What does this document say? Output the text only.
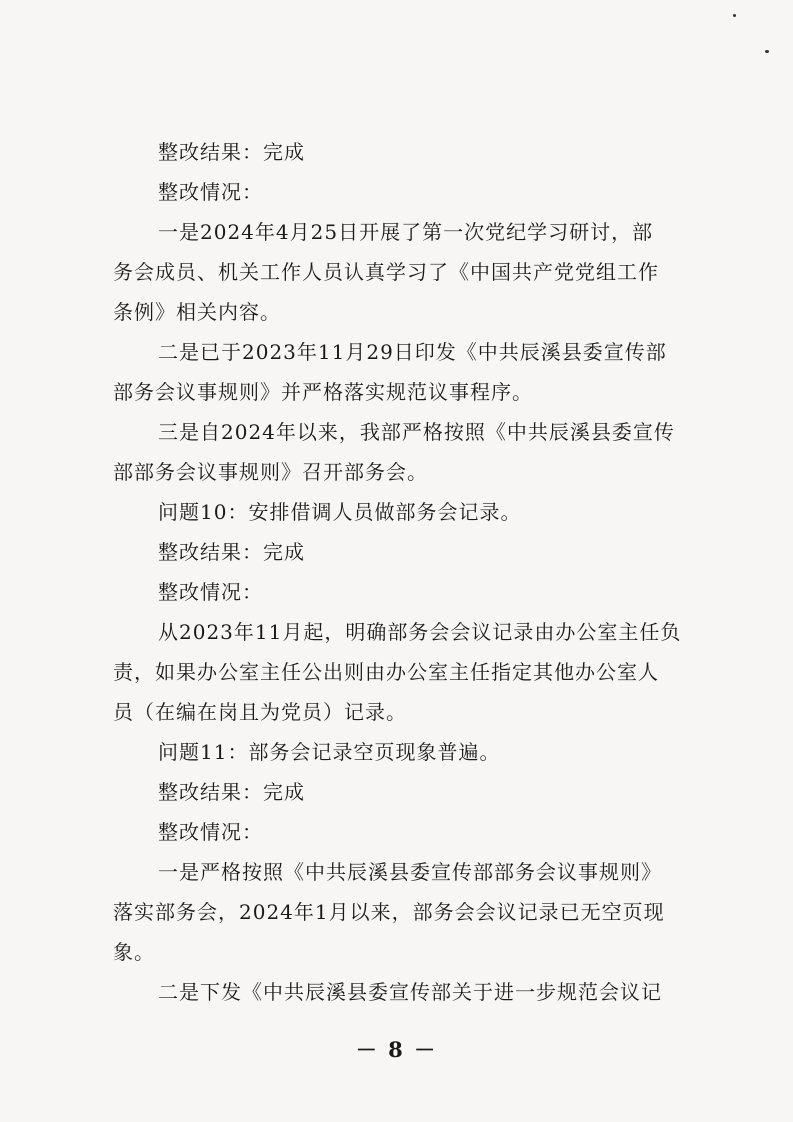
整改结果：完成
整改情况：
一是2024年4月25日开展了第一次党纪学习研讨，部
务会成员、机关工作人员认真学习了《中国共产党党组工作
条例》相关内容。
二是已于2023年11月29日印发《中共辰溪县委宣传部
部务会议事规则》并严格落实规范议事程序。
三是自2024年以来，我部严格按照《中共辰溪县委宣传
部部务会议事规则》召开部务会。
问题10：安排借调人员做部务会记录。
整改结果：完成
整改情况：
从2023年11月起，明确部务会会议记录由办公室主任负
责，如果办公室主任公出则由办公室主任指定其他办公室人
员（在编在岗且为党员）记录。
问题11：部务会记录空页现象普遍。
整改结果：完成
整改情况：
一是严格按照《中共辰溪县委宣传部部务会议事规则》
落实部务会，2024年1月以来，部务会会议记录已无空页现
象。
二是下发《中共辰溪县委宣传部关于进一步规范会议记
－ 8 －
